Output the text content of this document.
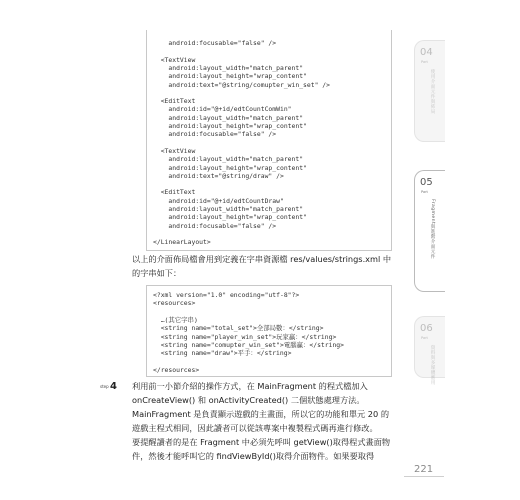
android:focusable="false" />
<TextView
android:layout_width="match_parent"
android:layout_height="wrap_content"
android:text="@string/comupter_win_set" />
<EditText
android:id="@+id/edtCountComWin"
android:layout_width="match_parent"
android:layout_height="wrap_content"
android:focusable="false" />
<TextView
android:layout_width="match_parent"
android:layout_height="wrap_content"
android:text="@string/draw" />
<EditText
android:id="@+id/edtCountDraw"
android:layout_width="match_parent"
android:layout_height="wrap_content"
android:focusable="false" />
</LinearLayout>
以上的介面佈局檔會用到定義在字串資源檔 res/values/strings.xml 中
的字串如下：
<?xml version="1.0" encoding="utf-8"?>
<resources>
…(其它字串)
<string name="total_set">全部局數：</string>
<string name="player_win_set">玩家贏：</string>
<string name="comupter_win_set">電腦贏：</string>
<string name="draw">平手：</string>
</resources>
step 4 利用前一小節介紹的操作方式，在 MainFragment 的程式檔加入
onCreateView() 和 onActivityCreated() 二個狀態處理方法。
MainFragment 是負責顯示遊戲的主畫面，所以它的功能和單元 20 的
遊戲主程式相同，因此讀者可以從該專案中複製程式碼再進行修改。
要提醒讀者的是在 Fragment 中必須先呼叫 getView()取得程式畫面物
件，然後才能呼叫它的 findViewById()取得介面物件。如果要取得
04
Part
使用介面元件與佈局
05
Part
Fragment與進階介面元件
06
Part
資料與多媒體應用
221
